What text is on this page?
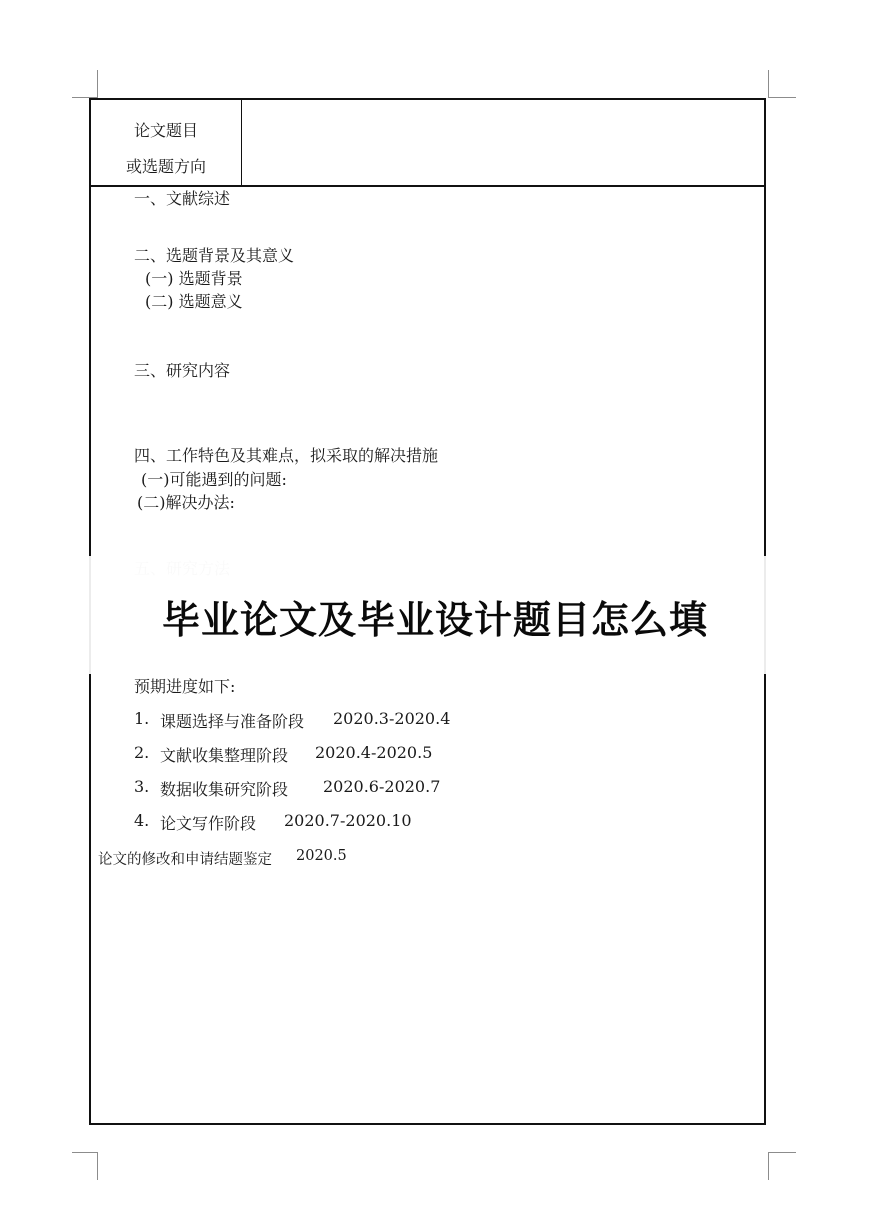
论文题目
或选题方向
一、文献综述
二、选题背景及其意义
(一) 选题背景
(二) 选题意义
三、研究内容
四、工作特色及其难点，拟采取的解决措施
(一)可能遇到的问题:
(二)解决办法:
毕业论文及毕业设计题目怎么填
预期进度如下:
1. 课题选择与准备阶段 2020.3-2020.4
2. 文献收集整理阶段 2020.4-2020.5
3. 数据收集研究阶段 2020.6-2020.7
4. 论文写作阶段 2020.7-2020.10
论文的修改和申请结题鉴定 2020.5
